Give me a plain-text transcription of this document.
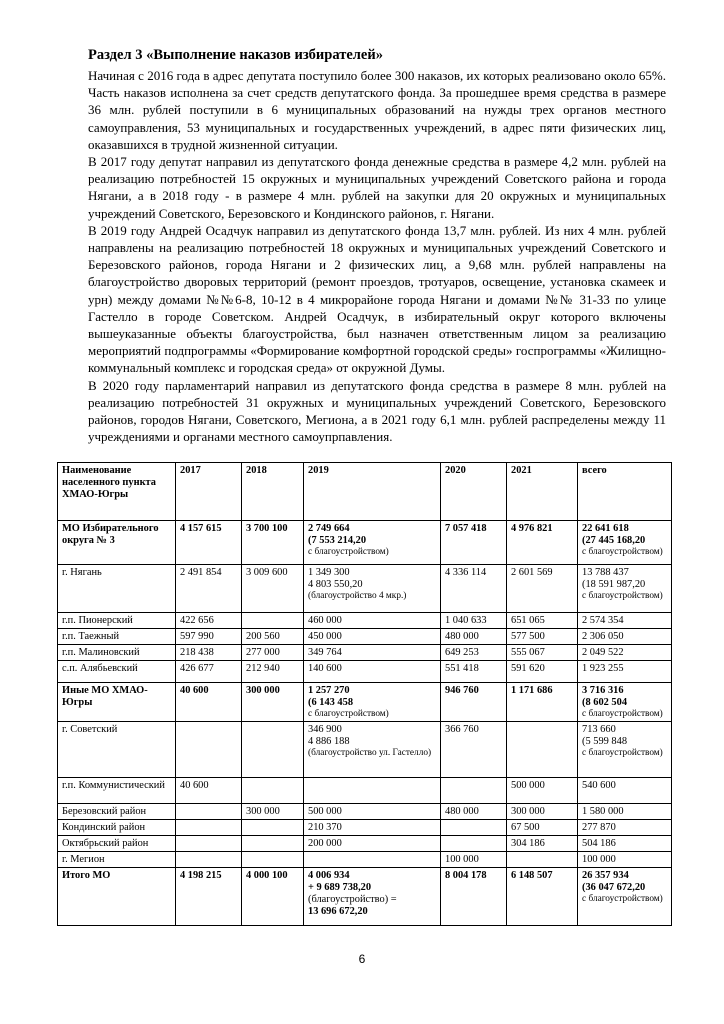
Раздел 3 «Выполнение наказов избирателей»

Начиная с 2016 года в адрес депутата поступило более 300 наказов, их которых реализовано около 65%. Часть наказов исполнена за счет средств депутатского фонда. За прошедшее время средства в размере 36 млн. рублей поступили в 6 муниципальных образований на нужды трех органов местного самоуправления, 53 муниципальных и государственных учреждений, в адрес пяти физических лиц, оказавшихся в трудной жизненной ситуации.

В 2017 году депутат направил из депутатского фонда денежные средства в размере 4,2 млн. рублей на реализацию потребностей 15 окружных и муниципальных учреждений Советского района и города Нягани, а в 2018 году - в размере 4 млн. рублей на закупки для 20 окружных и муниципальных учреждений Советского, Березовского и Кондинского районов, г. Нягани.

В 2019 году Андрей Осадчук направил из депутатского фонда 13,7 млн. рублей. Из них 4 млн. рублей направлены на реализацию потребностей 18 окружных и муниципальных учреждений Советского и Березовского районов, города Нягани и 2 физических лиц, а 9,68 млн. рублей направлены на благоустройство дворовых территорий (ремонт проездов, тротуаров, освещение, установка скамеек и урн) между домами №№6-8, 10-12 в 4 микрорайоне города Нягани и домами №№ 31-33 по улице Гастелло в городе Советском. Андрей Осадчук, в избирательный округ которого включены вышеуказанные объекты благоустройства, был назначен ответственным лицом за реализацию мероприятий подпрограммы «Формирование комфортной городской среды» госпрограммы «Жилищно-коммунальный комплекс и городская среда» от окружной Думы.

В 2020 году парламентарий направил из депутатского фонда средства в размере 8 млн. рублей на реализацию потребностей 31 окружных и муниципальных учреждений Советского, Березовского районов, городов Нягани, Советского, Мегиона, а в 2021 году 6,1 млн. рублей распределены между 11 учреждениями и органами местного самоупрпавления.

Наименование населенного пункта ХМАО-Югры	2017	2018	2019	2020	2021	всего

МО Избирательного округа № 3	4 157 615	3 700 100	2 749 664
(7 553 214,20
с благоустройством)	7 057 418	4 976 821	22 641 618
(27 445 168,20
с благоустройством)

г. Нягань	2 491 854	3 009 600	1 349 300
4 803 550,20
(благоустройство 4 мкр.)	4 336 114	2 601 569	13 788 437
(18 591 987,20
с благоустройством)

г.п. Пионерский	422 656		460 000	1 040 633	651 065	2 574 354

г.п. Таежный	597 990	200 560	450 000	480 000	577 500	2 306 050

г.п. Малиновский	218 438	277 000	349 764	649 253	555 067	2 049 522

с.п. Алябьевский	426 677	212 940	140 600	551 418	591 620	1 923 255

Иные МО ХМАО-Югры	40 600	300 000	1 257 270
(6 143 458
с благоустройством)	946 760	1 171 686	3 716 316
(8 602 504
с благоустройством)

г. Советский			346 900
4 886 188
(благоустройство ул. Гастелло)	366 760		713 660
(5 599 848
с благоустройством)

г.п. Коммунистический	40 600				500 000	540 600

Березовский район		300 000	500 000	480 000	300 000	1 580 000

Кондинский район			210 370		67 500	277 870

Октябрьский район			200 000		304 186	504 186

г. Мегион				100 000		100 000

Итого МО	4 198 215	4 000 100	4 006 934
+ 9 689 738,20
(благоустройство) =
13 696 672,20	8 004 178	6 148 507	26 357 934
(36 047 672,20
с благоустройством)
6
